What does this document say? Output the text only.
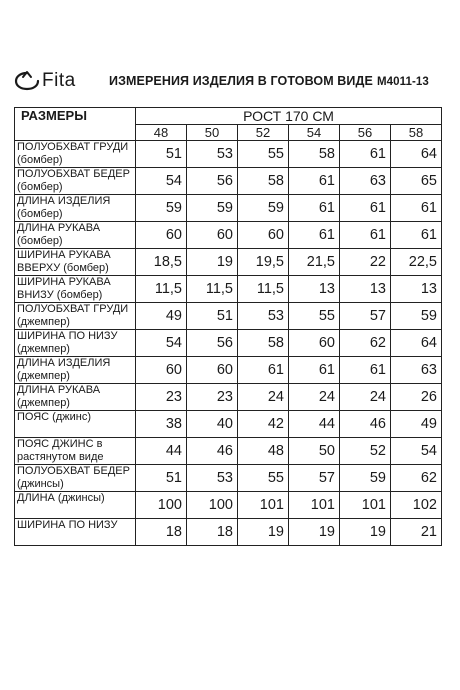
Fita	ИЗМЕРЕНИЯ ИЗДЕЛИЯ В ГОТОВОМ ВИДЕ М4011-13
РАЗМЕРЫ	РОСТ 170 СМ					
	48	50	52	54	56	58
ПОЛУОБХВАТ ГРУДИ (бомбер)	51	53	55	58	61	64
ПОЛУОБХВАТ БЕДЕР (бомбер)	54	56	58	61	63	65
ДЛИНА ИЗДЕЛИЯ (бомбер)	59	59	59	61	61	61
ДЛИНА РУКАВА (бомбер)	60	60	60	61	61	61
ШИРИНА РУКАВА ВВЕРХУ (бомбер)	18,5	19	19,5	21,5	22	22,5
ШИРИНА РУКАВА ВНИЗУ (бомбер)	11,5	11,5	11,5	13	13	13
ПОЛУОБХВАТ ГРУДИ (джемпер)	49	51	53	55	57	59
ШИРИНА ПО НИЗУ (джемпер)	54	56	58	60	62	64
ДЛИНА ИЗДЕЛИЯ (джемпер)	60	60	61	61	61	63
ДЛИНА РУКАВА (джемпер)	23	23	24	24	24	26
ПОЯС (джинс)	38	40	42	44	46	49
ПОЯС ДЖИНС в растянутом виде	44	46	48	50	52	54
ПОЛУОБХВАТ БЕДЕР (джинсы)	51	53	55	57	59	62
ДЛИНА (джинсы)	100	100	101	101	101	102
ШИРИНА ПО НИЗУ	18	18	19	19	19	21
